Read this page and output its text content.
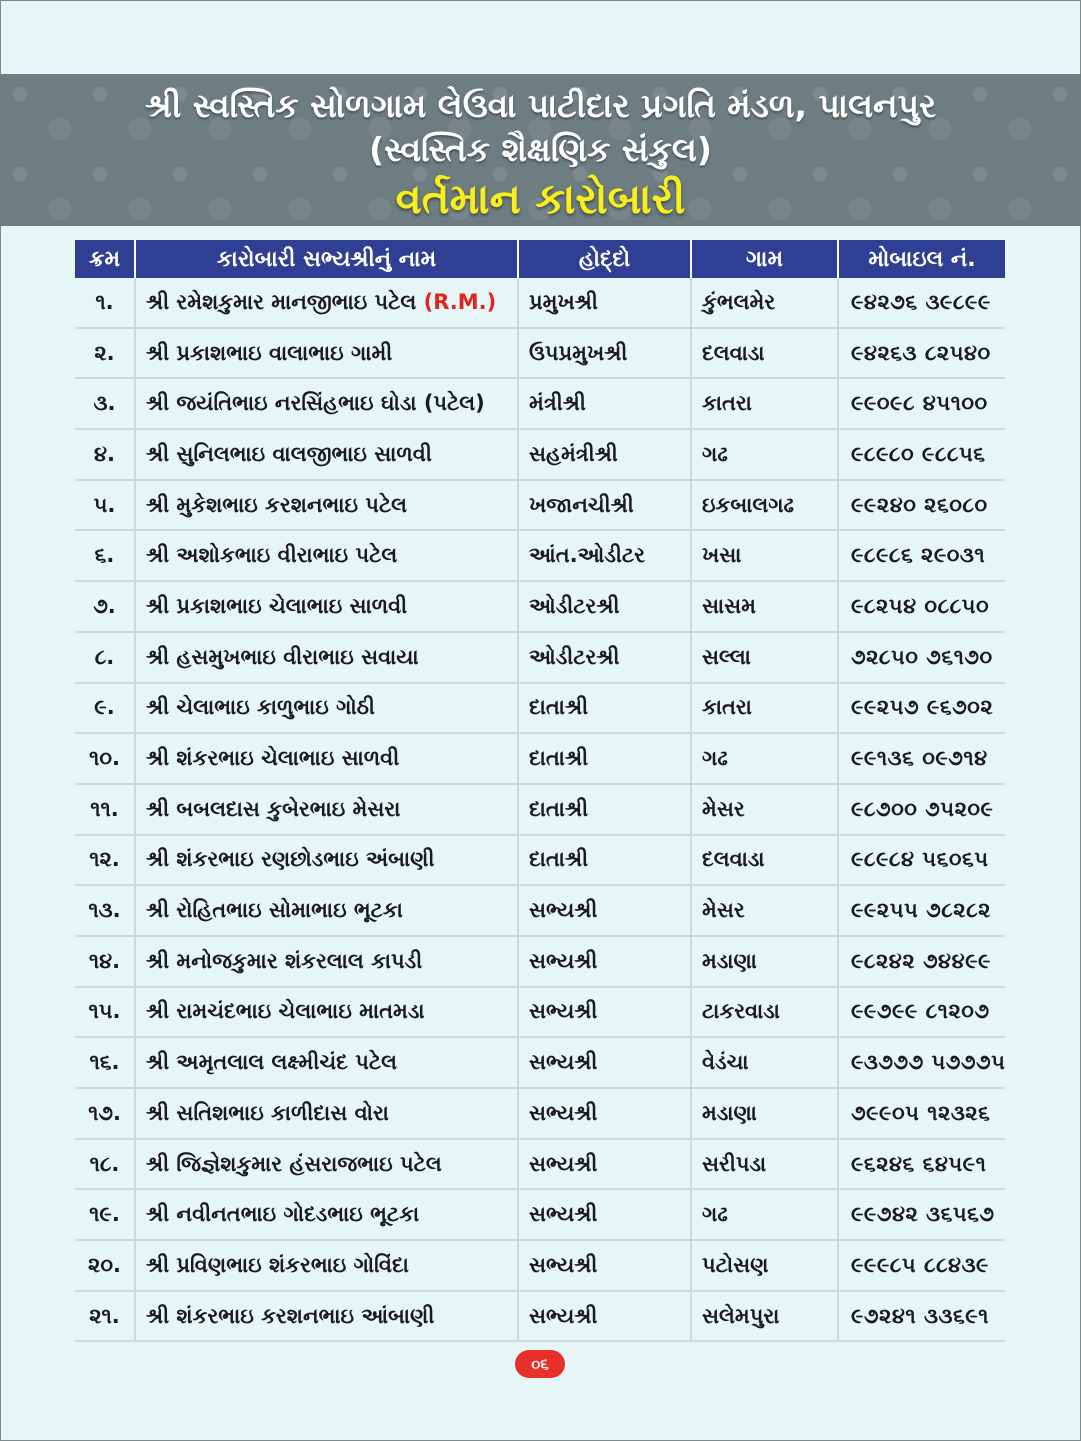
શ્રી સ્વસ્તિક સોળગામ લેઉવા પાટીદાર પ્રગતિ મંડળ, પાલનપુર
(સ્વસ્તિક શૈક્ષણિક સંકુલ)
વર્તમાન કારોબારી
ક્રમ	કારોબારી સભ્યશ્રીનું નામ	હોદ્દો	ગામ	મોબાઇલ નં.
૧.	શ્રી રમેશકુમાર માનજીભાઇ પટેલ (R.M.)	પ્રમુખશ્રી	કુંભલમેર	૯૪૨૭૬ ૩૯૮૯૯
૨.	શ્રી પ્રકાશભાઇ વાલાભાઇ ગામી	ઉપપ્રમુખશ્રી	દલવાડા	૯૪૨૬૩ ૮૨૫૪૦
૩.	શ્રી જયંતિભાઇ નરસિંહભાઇ ઘોડા (પટેલ)	મંત્રીશ્રી	કાતરા	૯૯૦૯૮ ૪૫૧૦૦
૪.	શ્રી સુનિલભાઇ વાલજીભાઇ સાળવી	સહમંત્રીશ્રી	ગઢ	૯૮૯૮૦ ૯૮૮૫૬
૫.	શ્રી મુકેશભાઇ કરશનભાઇ પટેલ	ખજાનચીશ્રી	ઇકબાલગઢ	૯૯૨૪૦ ૨૬૦૮૦
૬.	શ્રી અશોકભાઇ વીરાભાઇ પટેલ	આંત.ઓડીટર	ખસા	૯૮૯૮૬ ૨૯૦૩૧
૭.	શ્રી પ્રકાશભાઇ ચેલાભાઇ સાળવી	ઓડીટરશ્રી	સાસમ	૯૮૨૫૪ ૦૮૮૫૦
૮.	શ્રી હસમુખભાઇ વીરાભાઇ સવાયા	ઓડીટરશ્રી	સલ્લા	૭૨૮૫૦ ૭૬૧૭૦
૯.	શ્રી ચેલાભાઇ કાળુભાઇ ગોઠી	દાતાશ્રી	કાતરા	૯૯૨૫૭ ૯૬૭૦૨
૧૦.	શ્રી શંકરભાઇ ચેલાભાઇ સાળવી	દાતાશ્રી	ગઢ	૯૯૧૩૬ ૦૯૭૧૪
૧૧.	શ્રી બબલદાસ કુબેરભાઇ મેસરા	દાતાશ્રી	મેસર	૯૮૭૦૦ ૭૫૨૦૯
૧૨.	શ્રી શંકરભાઇ રણછોડભાઇ અંબાણી	દાતાશ્રી	દલવાડા	૯૮૯૮૪ ૫૬૦૬૫
૧૩.	શ્રી રોહિતભાઇ સોમાભાઇ ભૂટકા	સભ્યશ્રી	મેસર	૯૯૨૫૫ ૭૮૨૮૨
૧૪.	શ્રી મનોજકુમાર શંકરલાલ કાપડી	સભ્યશ્રી	મડાણા	૯૮૨૪૨ ૭૪૪૯૯
૧૫.	શ્રી રામચંદભાઇ ચેલાભાઇ માતમડા	સભ્યશ્રી	ટાકરવાડા	૯૯૭૯૯ ૮૧૨૦૭
૧૬.	શ્રી અમૃતલાલ લક્ષ્મીચંદ પટેલ	સભ્યશ્રી	વેડંચા	૯૩૭૭૭ ૫૭૭૭૫
૧૭.	શ્રી સતિશભાઇ કાળીદાસ વોરા	સભ્યશ્રી	મડાણા	૭૯૯૦૫ ૧૨૩૨૬
૧૮.	શ્રી જિજ્ઞેશકુમાર હંસરાજભાઇ પટેલ	સભ્યશ્રી	સરીપડા	૯૬૨૪૬ ૬૪૫૯૧
૧૯.	શ્રી નવીનતભાઇ ગોદડભાઇ ભૂટકા	સભ્યશ્રી	ગઢ	૯૯૭૪૨ ૩૬૫૬૭
૨૦.	શ્રી પ્રવિણભાઇ શંકરભાઇ ગોવિંદા	સભ્યશ્રી	પટોસણ	૯૯૯૮૫ ૮૮૪૩૯
૨૧.	શ્રી શંકરભાઇ કરશનભાઇ આંબાણી	સભ્યશ્રી	સલેમપુરા	૯૭૨૪૧ ૩૩૬૯૧
૦૬
